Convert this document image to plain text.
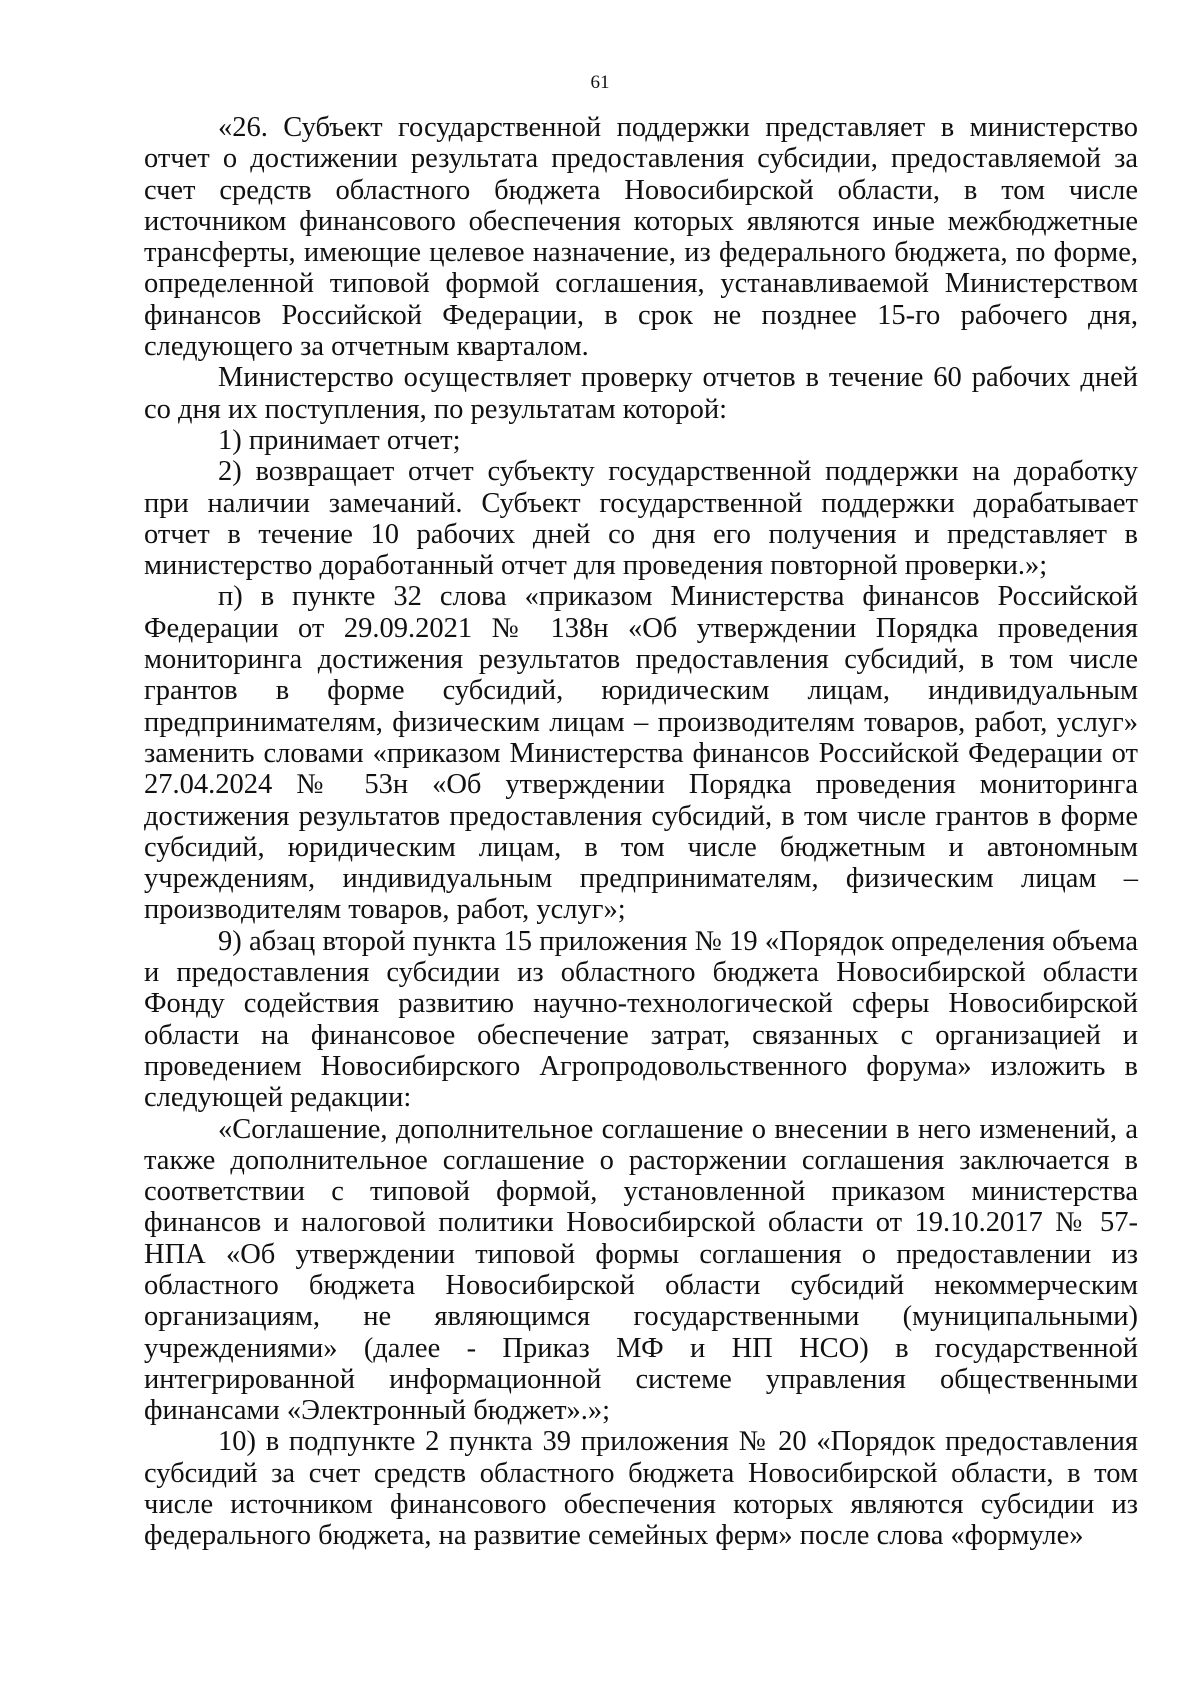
61

«26. Субъект государственной поддержки представляет в министерство отчет о достижении результата предоставления субсидии, предоставляемой за счет средств областного бюджета Новосибирской области, в том числе источником финансового обеспечения которых являются иные межбюджетные трансферты, имеющие целевое назначение, из федерального бюджета, по форме, определенной типовой формой соглашения, устанавливаемой Министерством финансов Российской Федерации, в срок не позднее 15-го рабочего дня, следующего за отчетным кварталом.

Министерство осуществляет проверку отчетов в течение 60 рабочих дней со дня их поступления, по результатам которой:

1) принимает отчет;

2) возвращает отчет субъекту государственной поддержки на доработку при наличии замечаний. Субъект государственной поддержки дорабатывает отчет в течение 10 рабочих дней со дня его получения и представляет в министерство доработанный отчет для проведения повторной проверки.»;

п) в пункте 32 слова «приказом Министерства финансов Российской Федерации от 29.09.2021 № 138н «Об утверждении Порядка проведения мониторинга достижения результатов предоставления субсидий, в том числе грантов в форме субсидий, юридическим лицам, индивидуальным предпринимателям, физическим лицам – производителям товаров, работ, услуг» заменить словами «приказом Министерства финансов Российской Федерации от 27.04.2024 № 53н «Об утверждении Порядка проведения мониторинга достижения результатов предоставления субсидий, в том числе грантов в форме субсидий, юридическим лицам, в том числе бюджетным и автономным учреждениям, индивидуальным предпринимателям, физическим лицам – производителям товаров, работ, услуг»;

9) абзац второй пункта 15 приложения № 19 «Порядок определения объема и предоставления субсидии из областного бюджета Новосибирской области Фонду содействия развитию научно-технологической сферы Новосибирской области на финансовое обеспечение затрат, связанных с организацией и проведением Новосибирского Агропродовольственного форума» изложить в следующей редакции:

«Соглашение, дополнительное соглашение о внесении в него изменений, а также дополнительное соглашение о расторжении соглашения заключается в соответствии с типовой формой, установленной приказом министерства финансов и налоговой политики Новосибирской области от 19.10.2017 № 57-НПА «Об утверждении типовой формы соглашения о предоставлении из областного бюджета Новосибирской области субсидий некоммерческим организациям, не являющимся государственными (муниципальными) учреждениями» (далее - Приказ МФ и НП НСО) в государственной интегрированной информационной системе управления общественными финансами «Электронный бюджет».»;

10) в подпункте 2 пункта 39 приложения № 20 «Порядок предоставления субсидий за счет средств областного бюджета Новосибирской области, в том числе источником финансового обеспечения которых являются субсидии из федерального бюджета, на развитие семейных ферм» после слова «формуле»
